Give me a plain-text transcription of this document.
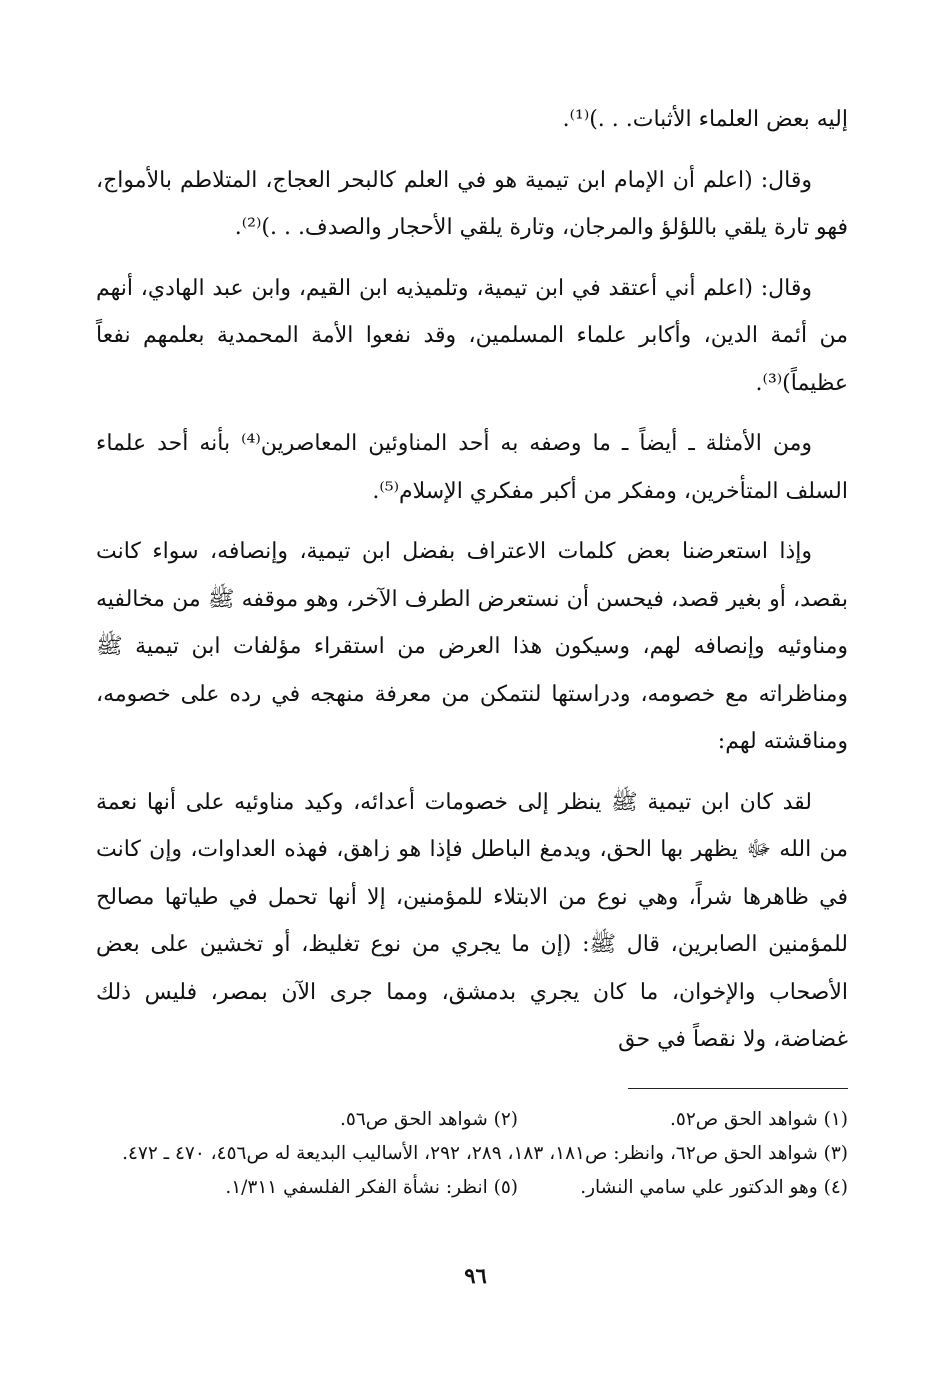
إليه بعض العلماء الأثبات. . .)⁽¹⁾.

وقال: (اعلم أن الإمام ابن تيمية هو في العلم كالبحر العجاج، المتلاطم بالأمواج، فهو تارة يلقي باللؤلؤ والمرجان، وتارة يلقي الأحجار والصدف. . .)⁽²⁾.

وقال: (اعلم أني أعتقد في ابن تيمية، وتلميذيه ابن القيم، وابن عبد الهادي، أنهم من أئمة الدين، وأكابر علماء المسلمين، وقد نفعوا الأمة المحمدية بعلمهم نفعاً عظيماً)⁽³⁾.

ومن الأمثلة ـ أيضاً ـ ما وصفه به أحد المناوئين المعاصرين⁽⁴⁾ بأنه أحد علماء السلف المتأخرين، ومفكر من أكبر مفكري الإسلام⁽⁵⁾.

وإذا استعرضنا بعض كلمات الاعتراف بفضل ابن تيمية، وإنصافه، سواء كانت بقصد، أو بغير قصد، فيحسن أن نستعرض الطرف الآخر، وهو موقفه ﷺ من مخالفيه ومناوئيه وإنصافه لهم، وسيكون هذا العرض من استقراء مؤلفات ابن تيمية ﷺ ومناظراته مع خصومه، ودراستها لنتمكن من معرفة منهجه في رده على خصومه، ومناقشته لهم:

لقد كان ابن تيمية ﷺ ينظر إلى خصومات أعدائه، وكيد مناوئيه على أنها نعمة من الله ﷻ يظهر بها الحق، ويدمغ الباطل فإذا هو زاهق، فهذه العداوات، وإن كانت في ظاهرها شراً، وهي نوع من الابتلاء للمؤمنين، إلا أنها تحمل في طياتها مصالح للمؤمنين الصابرين، قال ﷺ: (إن ما يجري من نوع تغليظ، أو تخشين على بعض الأصحاب والإخوان، ما كان يجري بدمشق، ومما جرى الآن بمصر، فليس ذلك غضاضة، ولا نقصاً في حق

(١) شواهد الحق ص٥٢.
(٢) شواهد الحق ص٥٦.
(٣) شواهد الحق ص٦٢، وانظر: ص١٨١، ١٨٣، ٢٨٩، ٢٩٢، الأساليب البديعة له ص٤٥٦، ٤٧٠ ـ ٤٧٢.
(٤) وهو الدكتور علي سامي النشار.
(٥) انظر: نشأة الفكر الفلسفي ١/٣١١.
٩٦
